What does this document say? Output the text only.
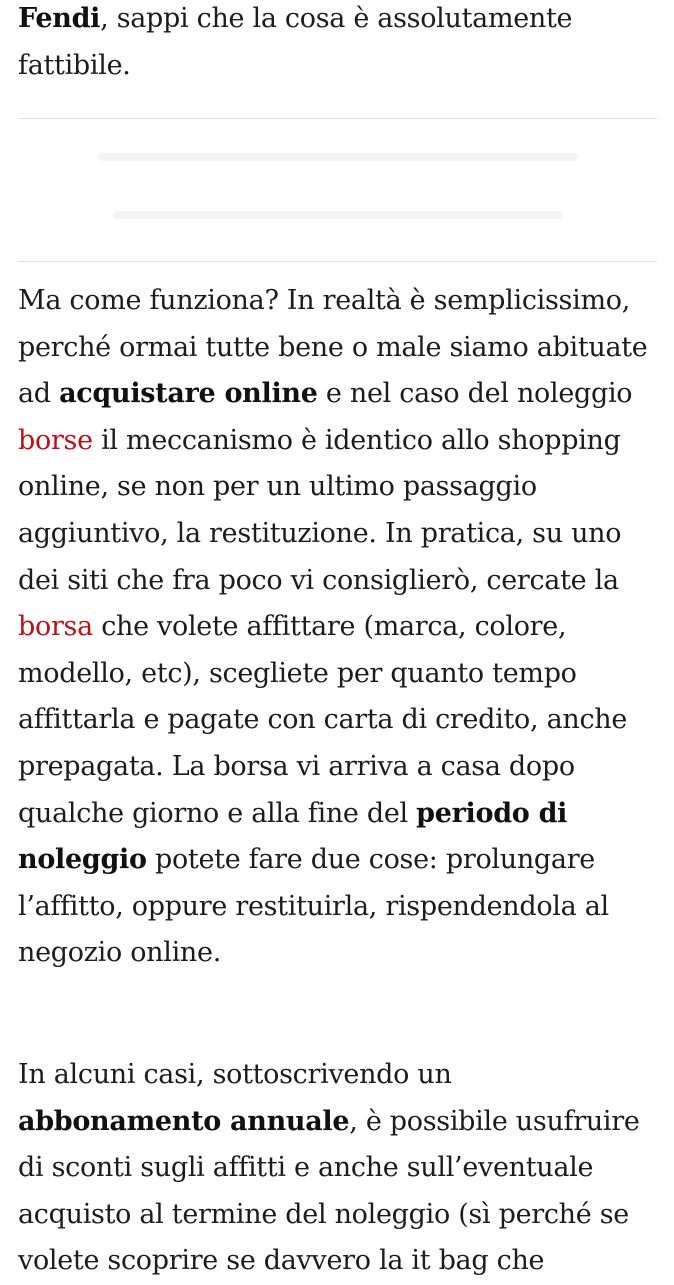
Fendi, sappi che la cosa è assolutamente fattibile.

Ma come funziona? In realtà è semplicissimo, perché ormai tutte bene o male siamo abituate ad acquistare online e nel caso del noleggio borse il meccanismo è identico allo shopping online, se non per un ultimo passaggio aggiuntivo, la restituzione. In pratica, su uno dei siti che fra poco vi consiglierò, cercate la borsa che volete affittare (marca, colore, modello, etc), scegliete per quanto tempo affittarla e pagate con carta di credito, anche prepagata. La borsa vi arriva a casa dopo qualche giorno e alla fine del periodo di noleggio potete fare due cose: prolungare l’affitto, oppure restituirla, rispendendola al negozio online.

In alcuni casi, sottoscrivendo un abbonamento annuale, è possibile usufruire di sconti sugli affitti e anche sull’eventuale acquisto al termine del noleggio (sì perché se volete scoprire se davvero la it bag che
